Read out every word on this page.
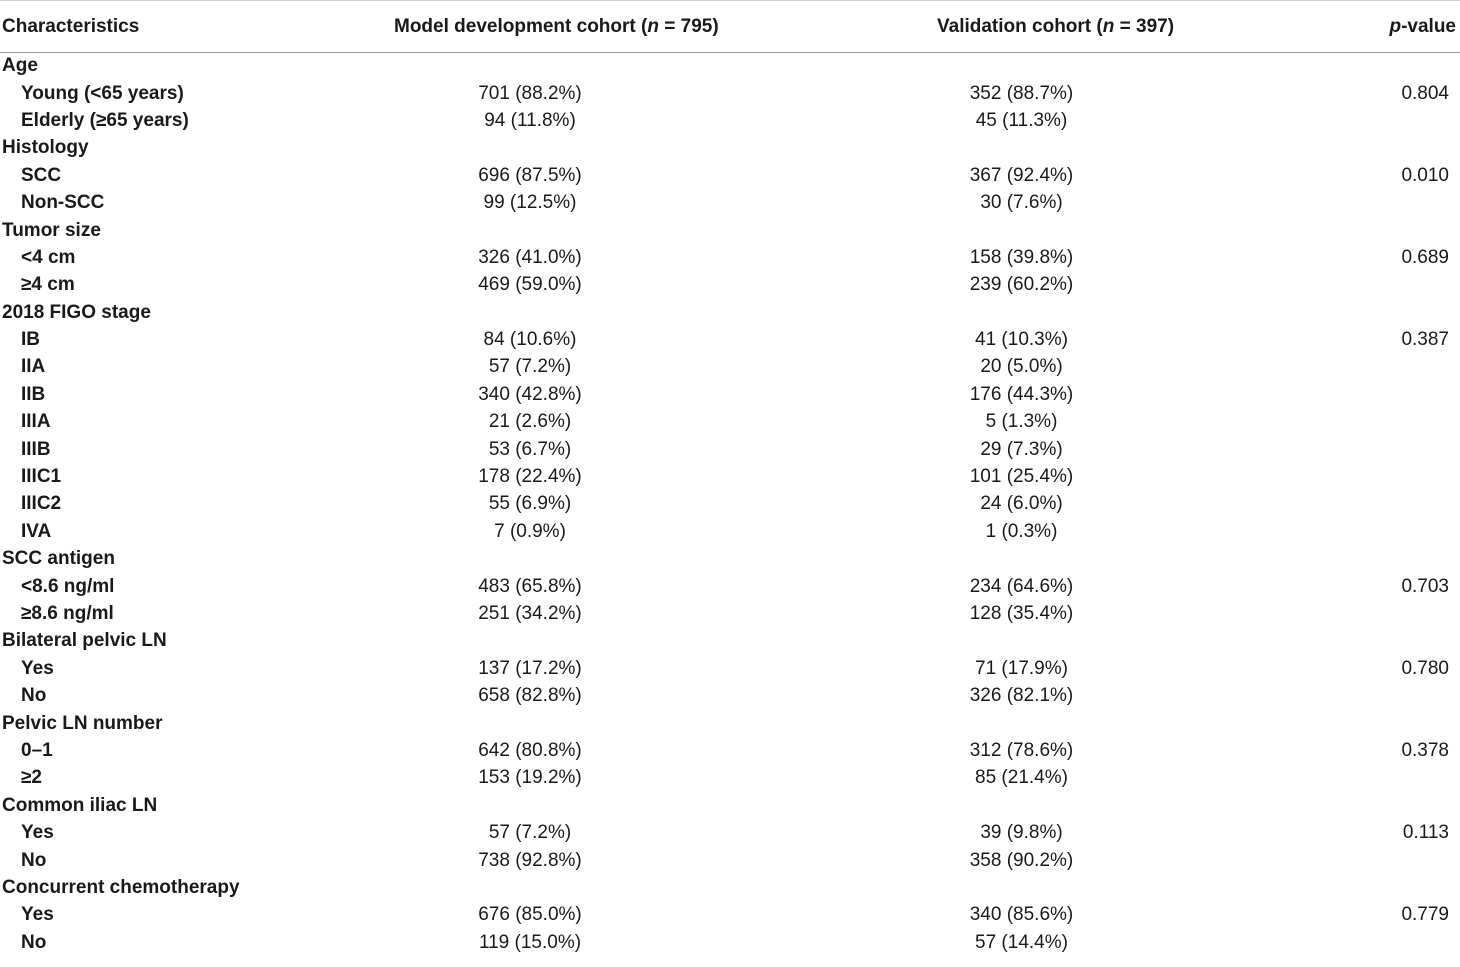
Characteristics	Model development cohort (n = 795)	Validation cohort (n = 397)	p-value
Age			
Young (<65 years)	701 (88.2%)	352 (88.7%)	0.804
Elderly (≥65 years)	94 (11.8%)	45 (11.3%)	
Histology			
SCC	696 (87.5%)	367 (92.4%)	0.010
Non-SCC	99 (12.5%)	30 (7.6%)	
Tumor size			
<4 cm	326 (41.0%)	158 (39.8%)	0.689
≥4 cm	469 (59.0%)	239 (60.2%)	
2018 FIGO stage			
IB	84 (10.6%)	41 (10.3%)	0.387
IIA	57 (7.2%)	20 (5.0%)	
IIB	340 (42.8%)	176 (44.3%)	
IIIA	21 (2.6%)	5 (1.3%)	
IIIB	53 (6.7%)	29 (7.3%)	
IIIC1	178 (22.4%)	101 (25.4%)	
IIIC2	55 (6.9%)	24 (6.0%)	
IVA	7 (0.9%)	1 (0.3%)	
SCC antigen			
<8.6 ng/ml	483 (65.8%)	234 (64.6%)	0.703
≥8.6 ng/ml	251 (34.2%)	128 (35.4%)	
Bilateral pelvic LN			
Yes	137 (17.2%)	71 (17.9%)	0.780
No	658 (82.8%)	326 (82.1%)	
Pelvic LN number			
0–1	642 (80.8%)	312 (78.6%)	0.378
≥2	153 (19.2%)	85 (21.4%)	
Common iliac LN			
Yes	57 (7.2%)	39 (9.8%)	0.113
No	738 (92.8%)	358 (90.2%)	
Concurrent chemotherapy			
Yes	676 (85.0%)	340 (85.6%)	0.779
No	119 (15.0%)	57 (14.4%)	
